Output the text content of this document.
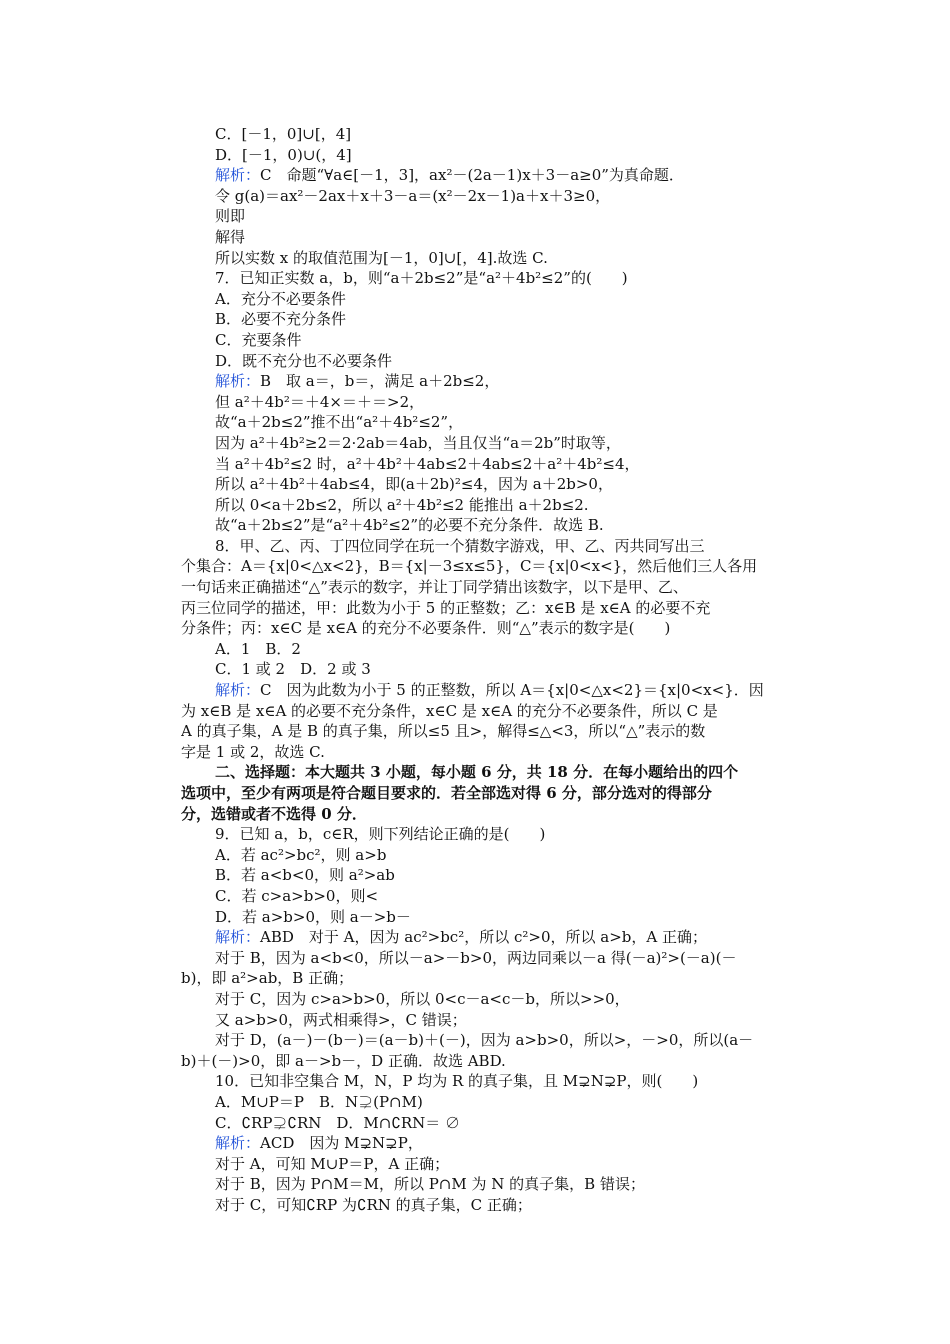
C．[－1，0]∪[，4]
D．[－1，0)∪(，4]
解析：C　命题“∀a∈[－1，3]，ax²－(2a－1)x＋3－a≥0”为真命题．
令 g(a)＝ax²－2ax＋x＋3－a＝(x²－2x－1)a＋x＋3≥0，
则即
解得
所以实数 x 的取值范围为[－1，0]∪[，4].故选 C.
7．已知正实数 a，b，则“a＋2b≤2”是“a²＋4b²≤2”的(　　)
A．充分不必要条件
B．必要不充分条件
C．充要条件
D．既不充分也不必要条件
解析：B　取 a＝，b＝，满足 a＋2b≤2，
但 a²＋4b²＝＋4×＝＋＝>2，
故“a＋2b≤2”推不出“a²＋4b²≤2”，
因为 a²＋4b²≥2＝2·2ab＝4ab，当且仅当“a＝2b”时取等，
当 a²＋4b²≤2 时，a²＋4b²＋4ab≤2＋4ab≤2＋a²＋4b²≤4，
所以 a²＋4b²＋4ab≤4，即(a＋2b)²≤4，因为 a＋2b>0，
所以 0<a＋2b≤2，所以 a²＋4b²≤2 能推出 a＋2b≤2.
故“a＋2b≤2”是“a²＋4b²≤2”的必要不充分条件．故选 B.
8．甲、乙、丙、丁四位同学在玩一个猜数字游戏，甲、乙、丙共同写出三
个集合：A＝{x|0<△x<2}，B＝{x|－3≤x≤5}，C＝{x|0<x<}，然后他们三人各用
一句话来正确描述“△”表示的数字，并让丁同学猜出该数字，以下是甲、乙、
丙三位同学的描述，甲：此数为小于 5 的正整数；乙：x∈B 是 x∈A 的必要不充
分条件；丙：x∈C 是 x∈A 的充分不必要条件．则“△”表示的数字是(　　)
A．1　B．2
C．1 或 2　D．2 或 3
解析：C　因为此数为小于 5 的正整数，所以 A＝{x|0<△x<2}＝{x|0<x<}．因
为 x∈B 是 x∈A 的必要不充分条件，x∈C 是 x∈A 的充分不必要条件，所以 C 是
A 的真子集，A 是 B 的真子集，所以≤5 且>，解得≤△<3，所以“△”表示的数
字是 1 或 2，故选 C.
二、选择题：本大题共 3 小题，每小题 6 分，共 18 分．在每小题给出的四个
选项中，至少有两项是符合题目要求的．若全部选对得 6 分，部分选对的得部分
分，选错或者不选得 0 分．
9．已知 a，b，c∈R，则下列结论正确的是(　　)
A．若 ac²>bc²，则 a>b
B．若 a<b<0，则 a²>ab
C．若 c>a>b>0，则<
D．若 a>b>0，则 a－>b－
解析：ABD　对于 A，因为 ac²>bc²，所以 c²>0，所以 a>b，A 正确；
对于 B，因为 a<b<0，所以－a>－b>0，两边同乘以－a 得(－a)²>(－a)(－
b)，即 a²>ab，B 正确；
对于 C，因为 c>a>b>0，所以 0<c－a<c－b，所以>>0，
又 a>b>0，两式相乘得>，C 错误；
对于 D，(a－)－(b－)＝(a－b)＋(－)，因为 a>b>0，所以>，－>0，所以(a－
b)＋(－)>0，即 a－>b－，D 正确．故选 ABD.
10．已知非空集合 M，N，P 均为 R 的真子集，且 M⊋N⊋P，则(　　)
A．M∪P＝P　B．N⊋(P∩M)
C．∁RP⊋∁RN　D．M∩∁RN＝ ∅
解析：ACD　因为 M⊋N⊋P，
对于 A，可知 M∪P＝P，A 正确；
对于 B，因为 P∩M＝M，所以 P∩M 为 N 的真子集，B 错误；
对于 C，可知∁RP 为∁RN 的真子集，C 正确；
